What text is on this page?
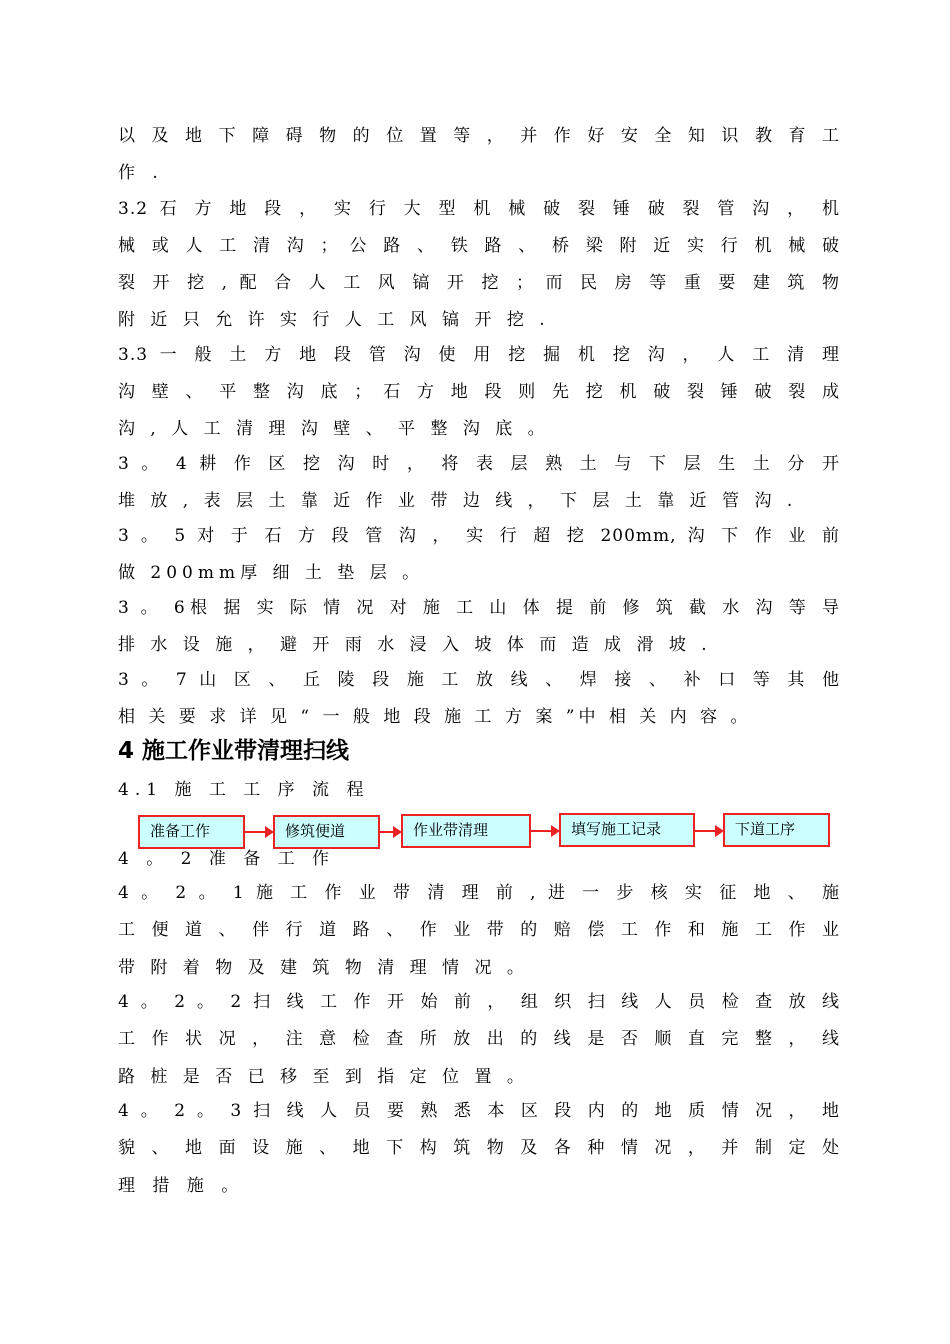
以 及 地 下 障 碍 物 的 位 置 等 ， 并 作 好 安 全 知 识 教 育 工
作 .
3.2 石 方 地 段 ， 实 行 大 型 机 械 破 裂 锤 破 裂 管 沟 ， 机
械 或 人 工 清 沟 ； 公 路 、 铁 路 、 桥 梁 附 近 实 行 机 械 破
裂 开 挖 , 配 合 人 工 风 镐 开 挖 ； 而 民 房 等 重 要 建 筑 物
附 近 只 允 许 实 行 人 工 风 镐 开 挖 .
3.3 一 般 土 方 地 段 管 沟 使 用 挖 掘 机 挖 沟 ， 人 工 清 理
沟 壁 、 平 整 沟 底 ； 石 方 地 段 则 先 挖 机 破 裂 锤 破 裂 成
沟 , 人 工 清 理 沟 壁 、 平 整 沟 底 。
3 。 4 耕 作 区 挖 沟 时 ， 将 表 层 熟 土 与 下 层 生 土 分 开
堆 放 , 表 层 土 靠 近 作 业 带 边 线 ， 下 层 土 靠 近 管 沟 .
3 。 5 对 于 石 方 段 管 沟 ， 实 行 超 挖 200mm, 沟 下 作 业 前
做 200mm厚 细 土 垫 层 。
3 。 6根 据 实 际 情 况 对 施 工 山 体 提 前 修 筑 截 水 沟 等 导
排 水 设 施 ， 避 开 雨 水 浸 入 坡 体 而 造 成 滑 坡 .
3 。 7 山 区 、 丘 陵 段 施 工 放 线 、 焊 接 、 补 口 等 其 他
相 关 要 求 详 见 “ 一 般 地 段 施 工 方 案 ”中 相 关 内 容 。
4 施工作业带清理扫线
4.1 施 工 工 序 流 程
准备工作	修筑便道	作业带清理	填写施工记录	下道工序
4 。 2 准 备 工 作
4 。 2 。 1 施 工 作 业 带 清 理 前 , 进 一 步 核 实 征 地 、 施
工 便 道 、 伴 行 道 路 、 作 业 带 的 赔 偿 工 作 和 施 工 作 业
带 附 着 物 及 建 筑 物 清 理 情 况 。
4 。 2 。 2 扫 线 工 作 开 始 前 ， 组 织 扫 线 人 员 检 查 放 线
工 作 状 况 ， 注 意 检 查 所 放 出 的 线 是 否 顺 直 完 整 ， 线
路 桩 是 否 已 移 至 到 指 定 位 置 。
4 。 2 。 3 扫 线 人 员 要 熟 悉 本 区 段 内 的 地 质 情 况 ， 地
貌 、 地 面 设 施 、 地 下 构 筑 物 及 各 种 情 况 ， 并 制 定 处
理 措 施 。
